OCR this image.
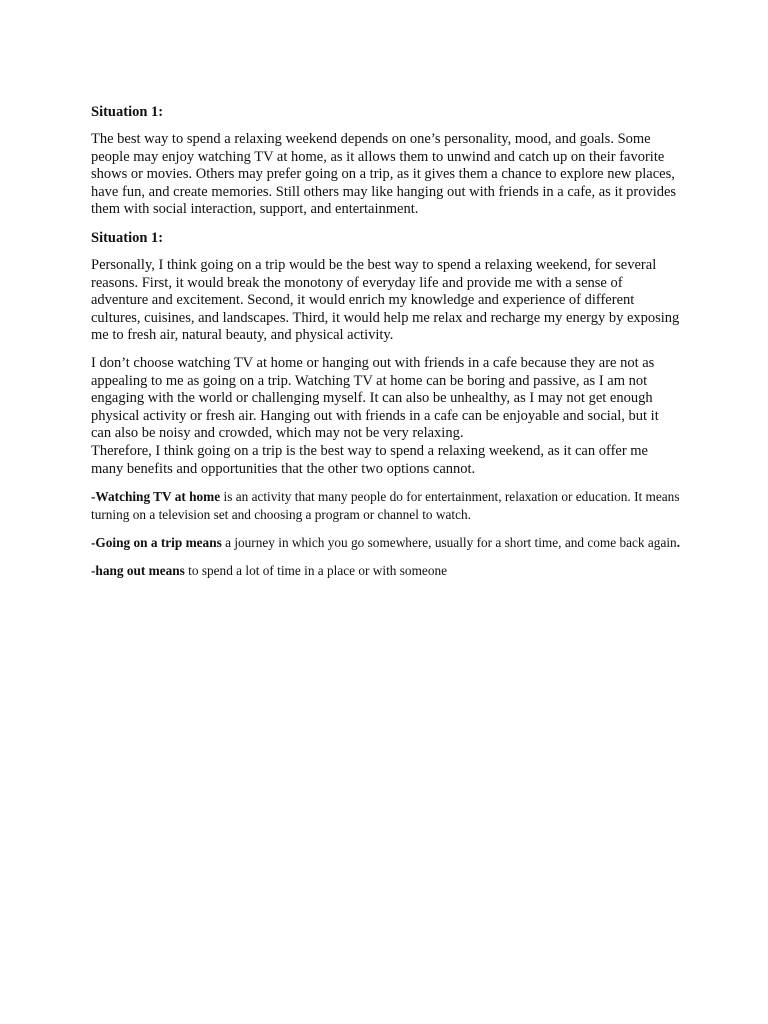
Situation 1:

The best way to spend a relaxing weekend depends on one’s personality, mood, and goals. Some people may enjoy watching TV at home, as it allows them to unwind and catch up on their favorite shows or movies. Others may prefer going on a trip, as it gives them a chance to explore new places, have fun, and create memories. Still others may like hanging out with friends in a cafe, as it provides them with social interaction, support, and entertainment.

Situation 1:

Personally, I think going on a trip would be the best way to spend a relaxing weekend, for several reasons. First, it would break the monotony of everyday life and provide me with a sense of adventure and excitement. Second, it would enrich my knowledge and experience of different cultures, cuisines, and landscapes. Third, it would help me relax and recharge my energy by exposing me to fresh air, natural beauty, and physical activity.

I don’t choose watching TV at home or hanging out with friends in a cafe because they are not as appealing to me as going on a trip. Watching TV at home can be boring and passive, as I am not engaging with the world or challenging myself. It can also be unhealthy, as I may not get enough physical activity or fresh air. Hanging out with friends in a cafe can be enjoyable and social, but it can also be noisy and crowded, which may not be very relaxing.

Therefore, I think going on a trip is the best way to spend a relaxing weekend, as it can offer me many benefits and opportunities that the other two options cannot.

-Watching TV at home is an activity that many people do for entertainment, relaxation or education. It means turning on a television set and choosing a program or channel to watch.

-Going on a trip means a journey in which you go somewhere, usually for a short time, and come back again.

-hang out means to spend a lot of time in a place or with someone
